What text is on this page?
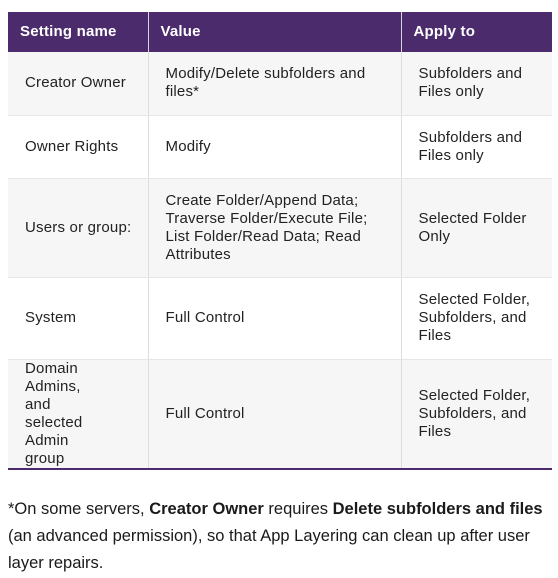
Setting name	Value	Apply to
Creator Owner	Modify/Delete subfolders and files*	Subfolders and Files only
Owner Rights	Modify	Subfolders and Files only
Users or group:	Create Folder/Append Data; Traverse Folder/Execute File; List Folder/Read Data; Read Attributes	Selected Folder Only
System	Full Control	Selected Folder, Subfolders, and Files
Domain Admins, and selected Admin group	Full Control	Selected Folder, Subfolders, and Files

*On some servers, Creator Owner requires Delete subfolders and files (an advanced permission), so that App Layering can clean up after user layer repairs.
